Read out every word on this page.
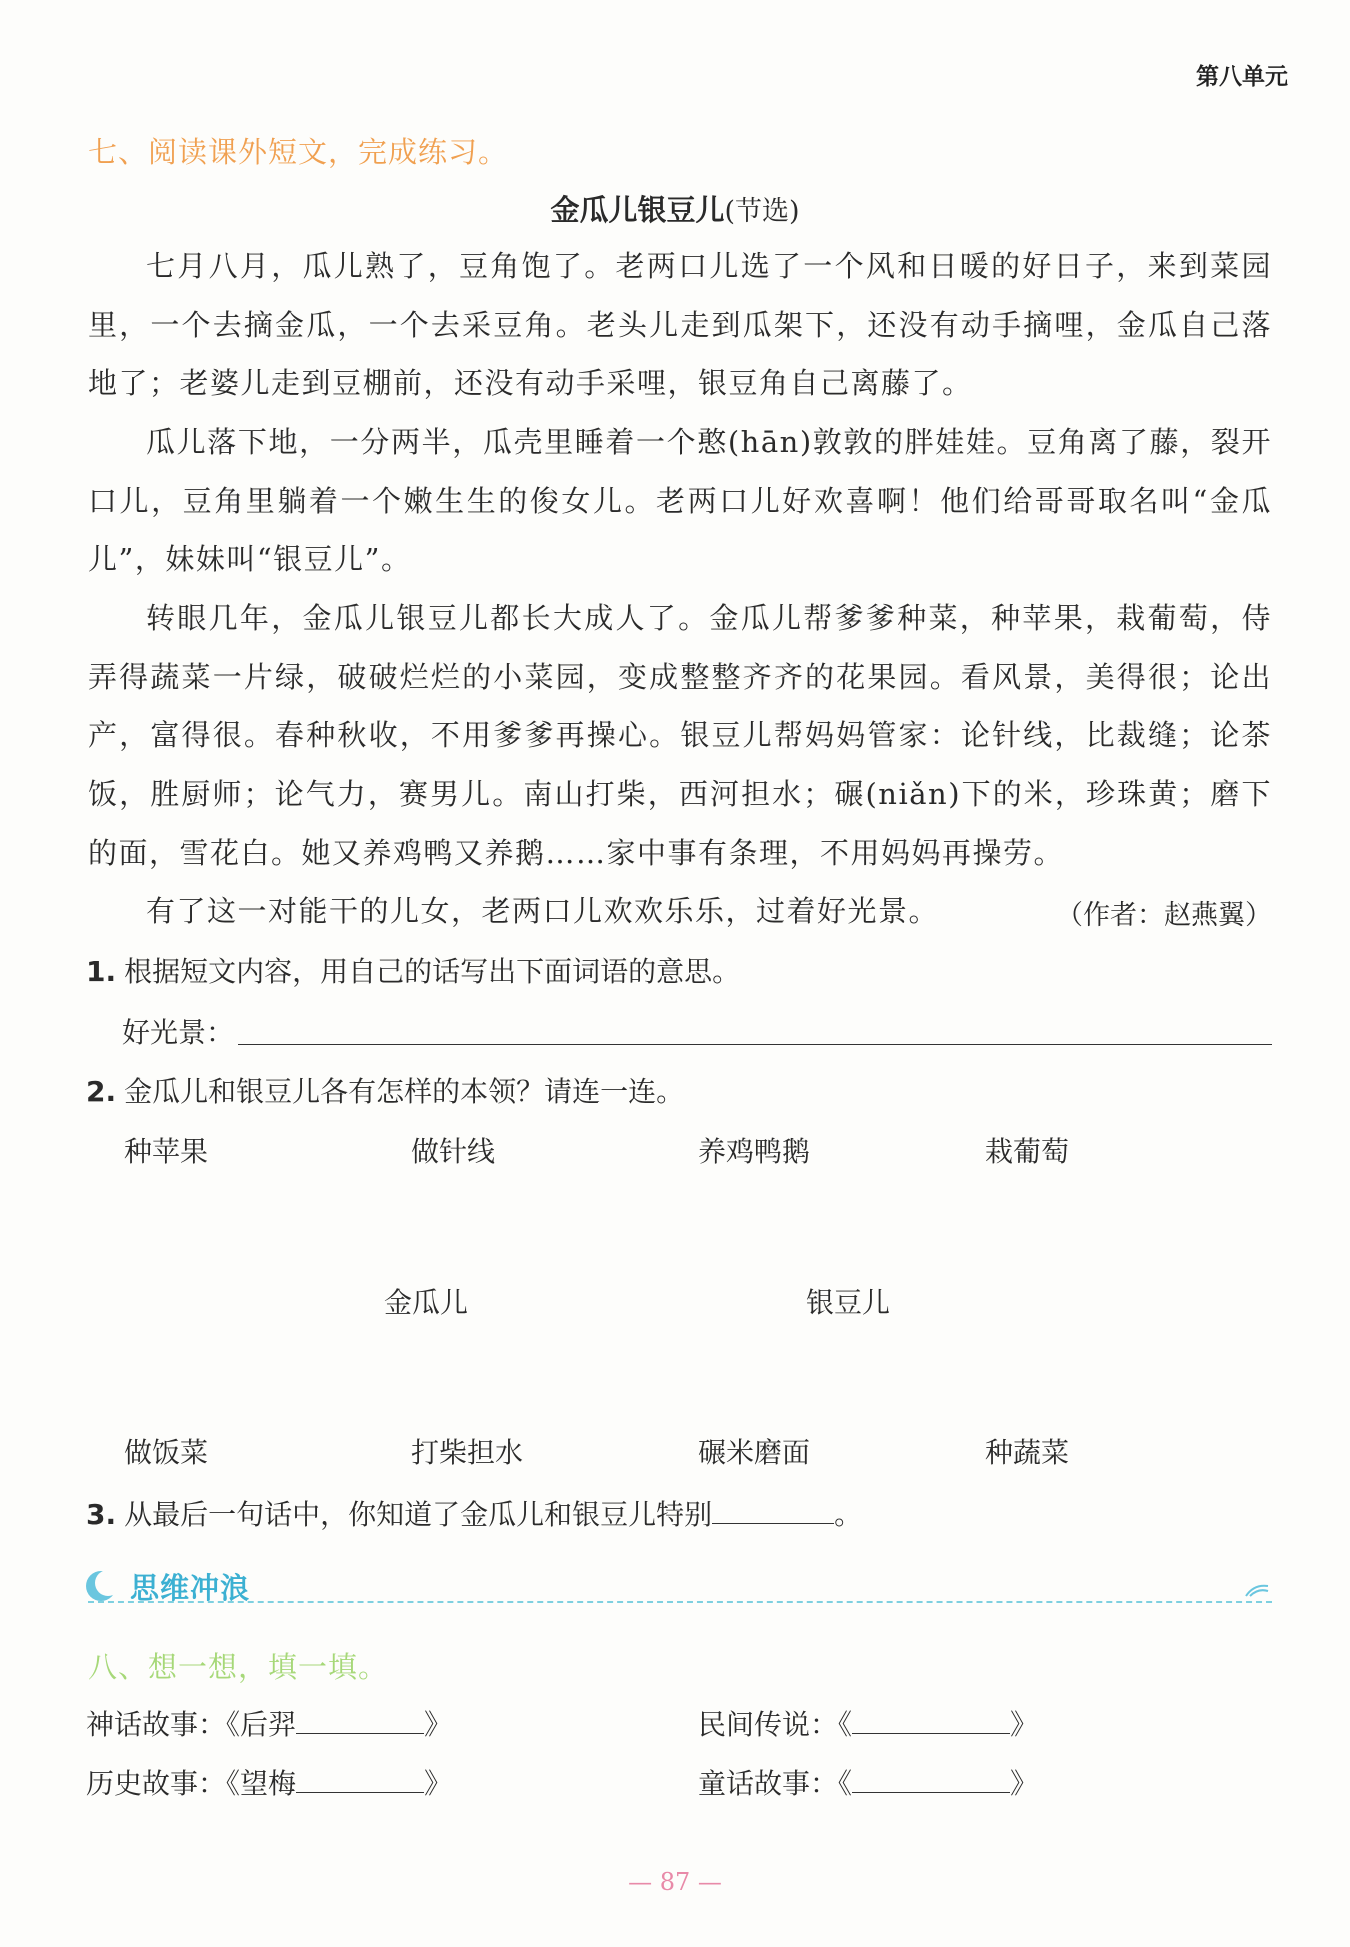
第八单元
七、阅读课外短文，完成练习。
金瓜儿银豆儿(节选)
七月八月，瓜儿熟了，豆角饱了。老两口儿选了一个风和日暖的好日子，来到菜园里，一个去摘金瓜，一个去采豆角。老头儿走到瓜架下，还没有动手摘哩，金瓜自己落地了；老婆儿走到豆棚前，还没有动手采哩，银豆角自己离藤了。
瓜儿落下地，一分两半，瓜壳里睡着一个憨(hān)敦敦的胖娃娃。豆角离了藤，裂开口儿，豆角里躺着一个嫩生生的俊女儿。老两口儿好欢喜啊！他们给哥哥取名叫“金瓜儿”，妹妹叫“银豆儿”。
转眼几年，金瓜儿银豆儿都长大成人了。金瓜儿帮爹爹种菜，种苹果，栽葡萄，侍弄得蔬菜一片绿，破破烂烂的小菜园，变成整整齐齐的花果园。看风景，美得很；论出产，富得很。春种秋收，不用爹爹再操心。银豆儿帮妈妈管家：论针线，比裁缝；论茶饭，胜厨师；论气力，赛男儿。南山打柴，西河担水；碾(niǎn)下的米，珍珠黄；磨下的面，雪花白。她又养鸡鸭又养鹅……家中事有条理，不用妈妈再操劳。
有了这一对能干的儿女，老两口儿欢欢乐乐，过着好光景。	（作者：赵燕翼）
1. 根据短文内容，用自己的话写出下面词语的意思。
好光景：
2. 金瓜儿和银豆儿各有怎样的本领？请连一连。
种苹果	做针线	养鸡鸭鹅	栽葡萄
金瓜儿	银豆儿
做饭菜	打柴担水	碾米磨面	种蔬菜
3. 从最后一句话中，你知道了金瓜儿和银豆儿特别	。
思维冲浪
八、想一想，填一填。
神话故事：《后羿	》	民间传说：《	》
历史故事：《望梅	》	童话故事：《	》
— 87 —
